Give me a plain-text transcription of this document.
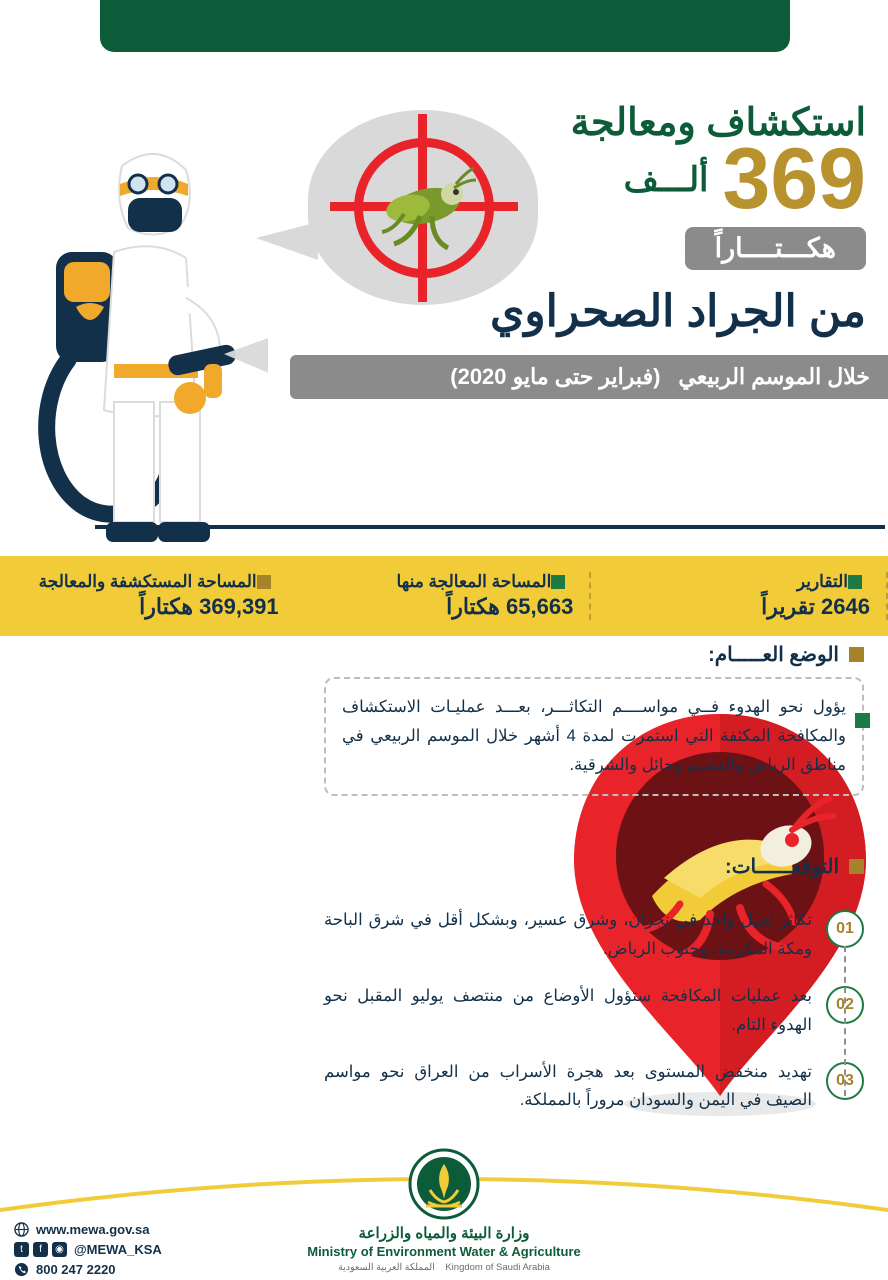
استكشاف ومعالجة
369
ألـــف
هكـــتــــاراً
من الجراد الصحراوي
خلال الموسم الربيعي
(فبراير حتى مايو 2020)
التقارير
2646 تقريراً
المساحة المعالجة منها
65,663 هكتاراً
المساحة المستكشفة والمعالجة
369,391 هكتاراً
الوضع العـــــام:
يؤول نحو الهدوء فــي مواســــم التكاثـــر، بعـــد عمليـات الاستكشاف والمكافحة المكثفة التي استمرت لمدة 4 أشهر خلال الموسم الربيعي في مناطق الرياض والقصيم وحائل والشرقية.
التوقعــــــات:
01
تكاثر لجيل واحد في نجران، وشرق عسير، وبشكل أقل في شرق الباحة ومكة المكرمة، وجنوب الرياض.
02
بعد عمليات المكافحة ستؤول الأوضاع من منتصف يوليو المقبل نحو الهدوء التام.
03
تهديد منخفض المستوى بعد هجرة الأسراب من العراق نحو مواسم الصيف في اليمن والسودان مروراً بالمملكة.
وزارة البيئة والمياه والزراعة
Ministry of Environment Water & Agriculture
Kingdom of Saudi Arabia    المملكة العربية السعودية
www.mewa.gov.sa
t	f	◉ @MEWA_KSA
800 247 2220
